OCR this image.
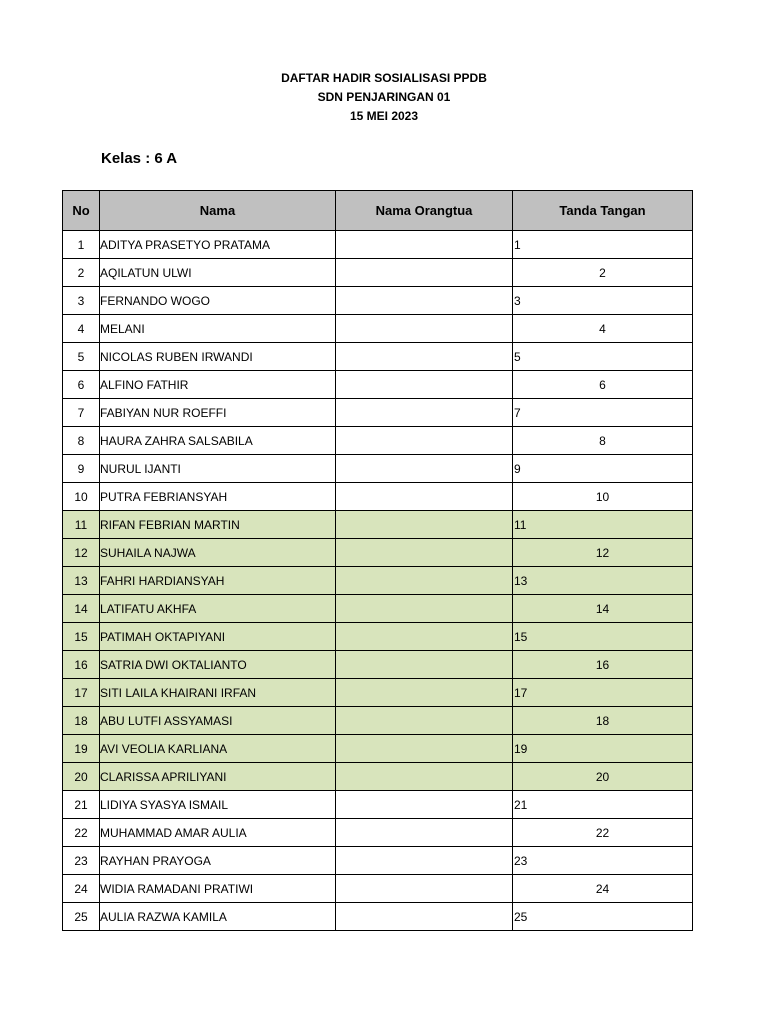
DAFTAR HADIR SOSIALISASI PPDB
SDN PENJARINGAN 01
15 MEI 2023
Kelas : 6 A
No	Nama	Nama Orangtua	Tanda Tangan
1	ADITYA PRASETYO PRATAMA		1
2	AQILATUN ULWI		2
3	FERNANDO WOGO		3
4	MELANI		4
5	NICOLAS RUBEN IRWANDI		5
6	ALFINO FATHIR		6
7	FABIYAN NUR ROEFFI		7
8	HAURA ZAHRA SALSABILA		8
9	NURUL IJANTI		9
10	PUTRA FEBRIANSYAH		10
11	RIFAN FEBRIAN MARTIN		11
12	SUHAILA NAJWA		12
13	FAHRI HARDIANSYAH		13
14	LATIFATU AKHFA		14
15	PATIMAH OKTAPIYANI		15
16	SATRIA DWI OKTALIANTO		16
17	SITI LAILA KHAIRANI IRFAN		17
18	ABU LUTFI ASSYAMASI		18
19	AVI VEOLIA KARLIANA		19
20	CLARISSA APRILIYANI		20
21	LIDIYA SYASYA ISMAIL		21
22	MUHAMMAD AMAR AULIA		22
23	RAYHAN PRAYOGA		23
24	WIDIA RAMADANI PRATIWI		24
25	AULIA RAZWA KAMILA		25
